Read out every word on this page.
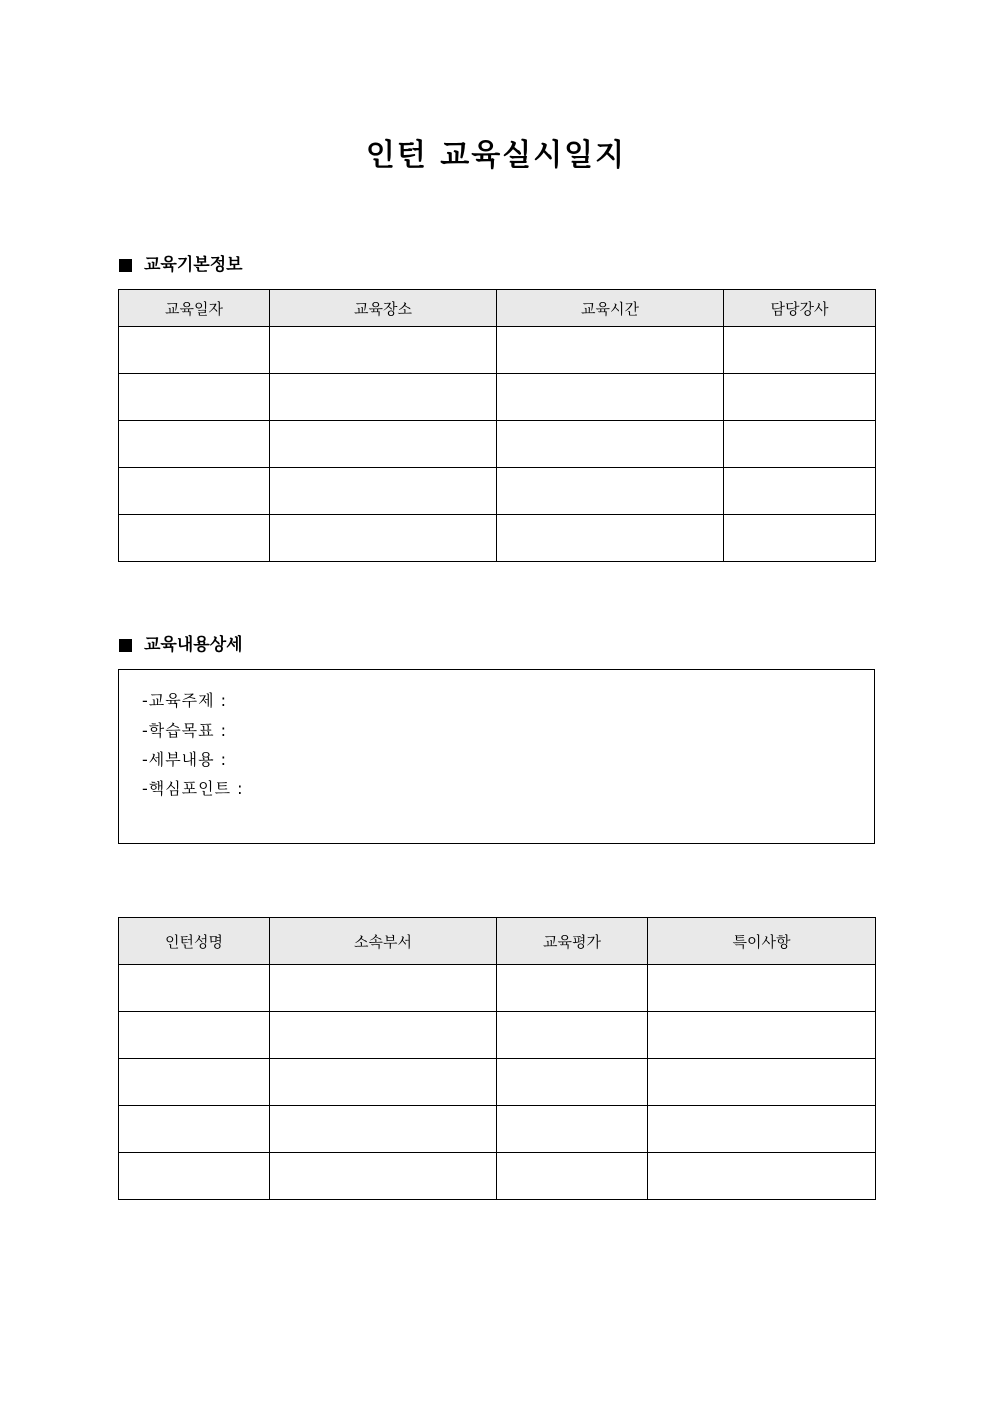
인턴 교육실시일지
교육기본정보
교육일자	교육장소	교육시간	담당강사

교육내용상세
-교육주제 :
-학습목표 :
-세부내용 :
-핵심포인트 :
인턴성명	소속부서	교육평가	특이사항
